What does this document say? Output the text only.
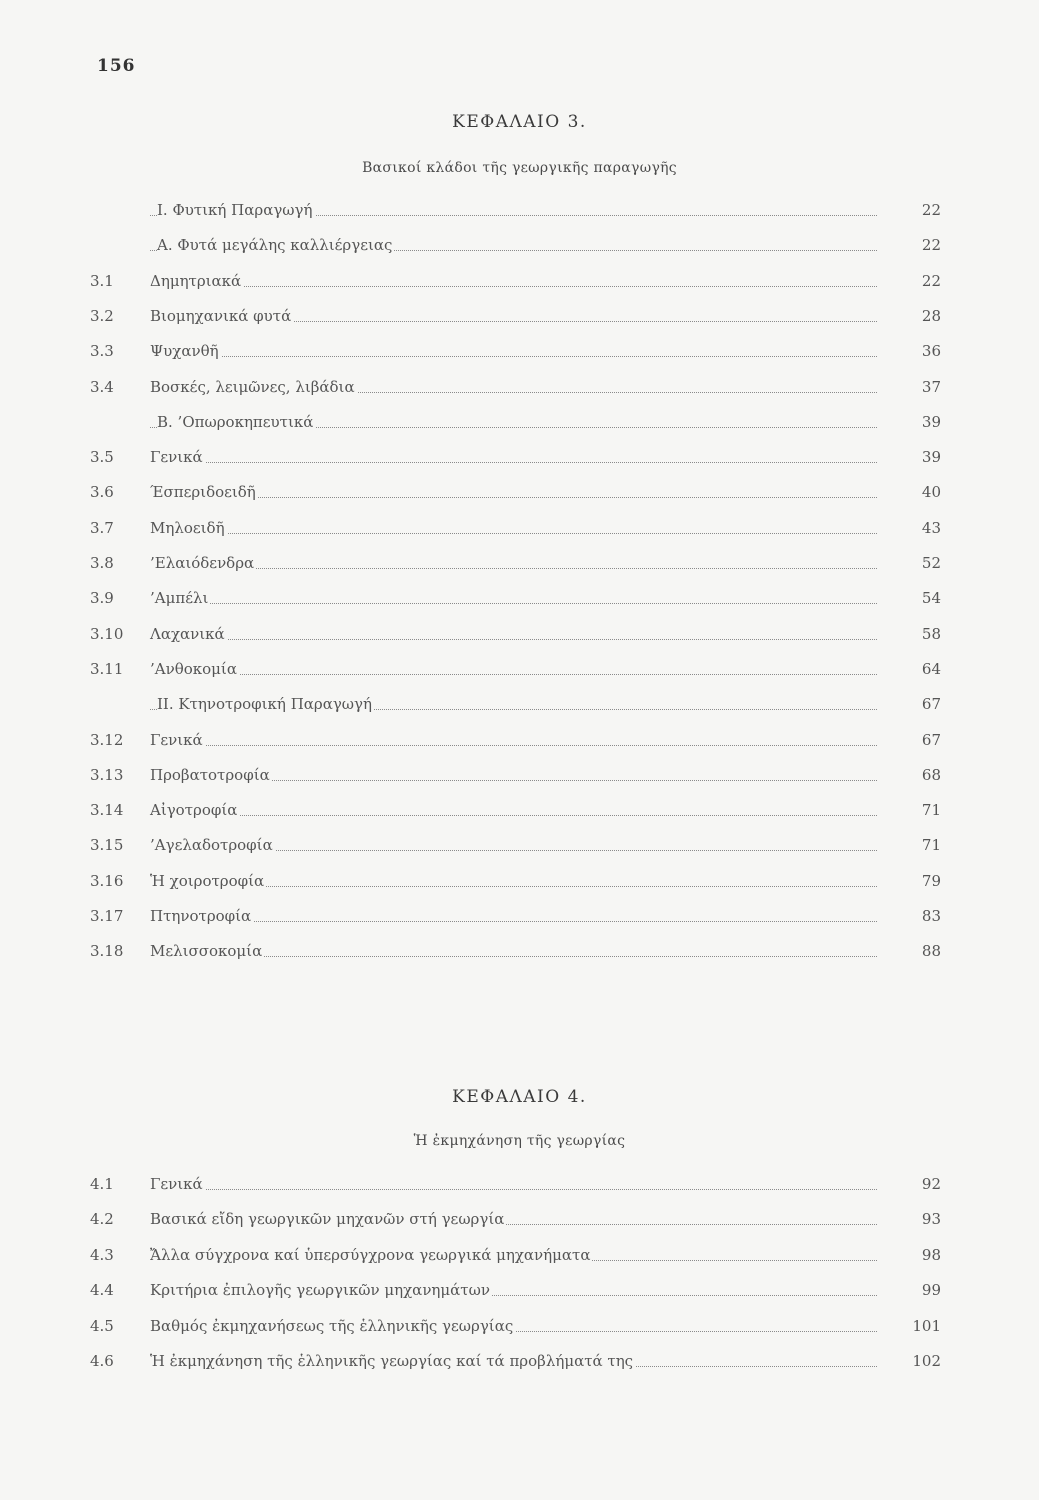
156
ΚΕΦΑΛΑΙΟ 3.
Βασικοί κλάδοι τῆς γεωργικῆς παραγωγῆς
I. Φυτική Παραγωγή	22
Α. Φυτά μεγάλης καλλιέργειας	22
3.1 Δημητριακά	22
3.2 Βιομηχανικά φυτά	28
3.3 Ψυχανθῆ	36
3.4 Βοσκές, λειμῶνες, λιβάδια	37
Β. ’Οπωροκηπευτικά	39
3.5 Γενικά	39
3.6 Έσπεριδοειδῆ	40
3.7 Μηλοειδῆ	43
3.8 ’Ελαιόδενδρα	52
3.9 ’Αμπέλι	54
3.10 Λαχανικά	58
3.11 ’Ανθοκομία	64
II. Κτηνοτροφική Παραγωγή	67
3.12 Γενικά	67
3.13 Προβατοτροφία	68
3.14 Αἰγοτροφία	71
3.15 ’Αγελαδοτροφία	71
3.16 Ἡ χοιροτροφία	79
3.17 Πτηνοτροφία	83
3.18 Μελισσοκομία	88
ΚΕΦΑΛΑΙΟ 4.
Ἡ ἐκμηχάνηση τῆς γεωργίας
4.1 Γενικά	92
4.2 Βασικά εἴδη γεωργικῶν μηχανῶν στή γεωργία	93
4.3 Ἄλλα σύγχρονα καί ὑπερσύγχρονα γεωργικά μηχανήματα	98
4.4 Κριτήρια ἐπιλογῆς γεωργικῶν μηχανημάτων	99
4.5 Βαθμός ἐκμηχανήσεως τῆς ἑλληνικῆς γεωργίας	101
4.6 Ἡ ἐκμηχάνηση τῆς ἑλληνικῆς γεωργίας καί τά προβλήματά της	102
